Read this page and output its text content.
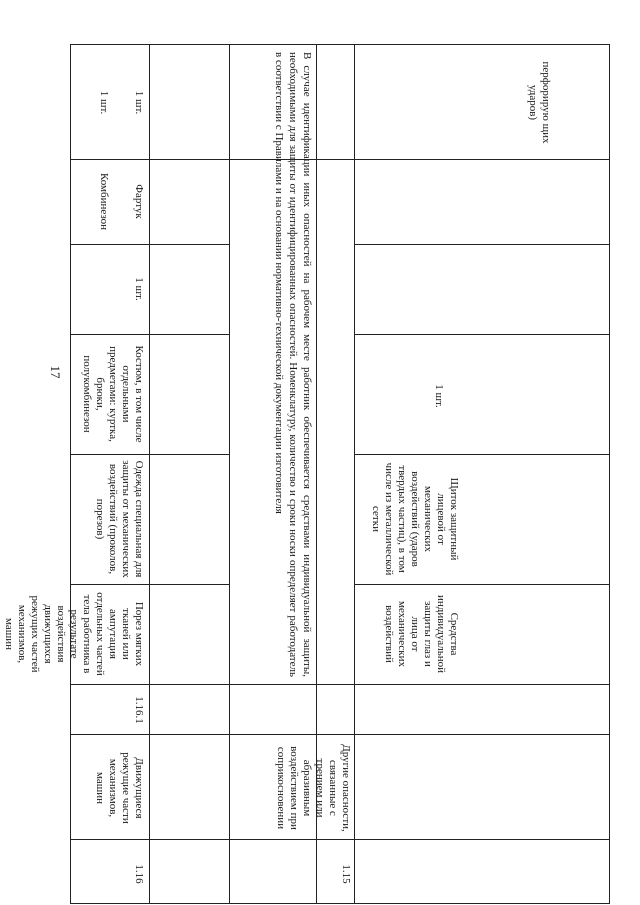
17
перфорирую щих ударов)
1 шт.
Щиток защитный лицевой от механических воздействий (ударов твердых частиц), в том числе из металлической сетки
Средства индивидуальной защиты глаз и лица от механических воздействий
1.15
Другие опасности, связанные с трением или абразивным воздействием при соприкосновении
В случае идентификации иных опасностей на рабочем месте работник обеспечивается средствами индивидуальной защиты, необходимыми для защиты от идентифицированных опасностей. Номенклатуру, количество и сроки носки определяет работодатель в соответствии с Правилами и на основании нормативно-технической документации изготовителя
1.16
Движущиеся режущие части механизмов, машин
1.16.1
Порез мягких тканей или ампутация отдельных частей тела работника в результате воздействия движущихся режущих частей механизмов, машин
Одежда специальная для защиты от механических воздействий (проколов, порезов)
Костюм, в том числе отдельными предметами: куртка, брюки, полукомбинезон
1 шт.
Фартук
Комбинезон
1 шт.
1 шт.
